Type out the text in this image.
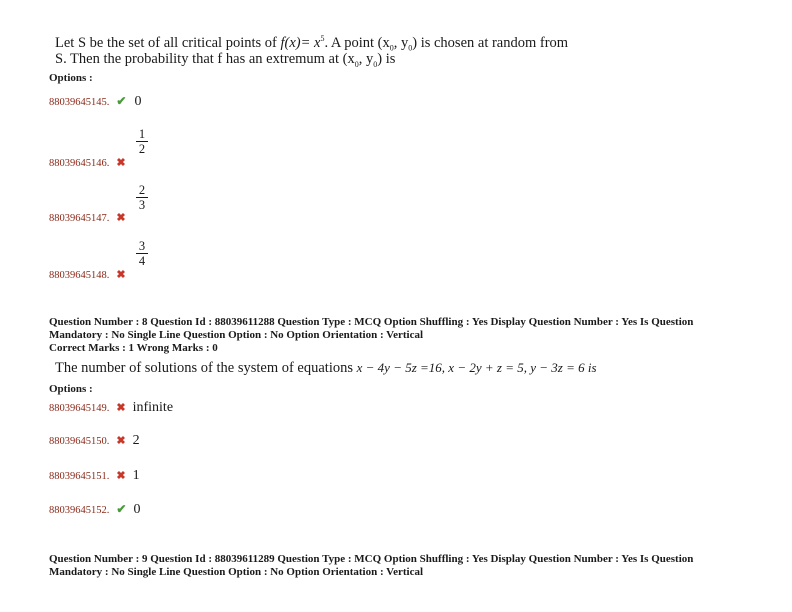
Let S be the set of all critical points of $f(x)= x^5$. A point ($x_0$, $y_0$) is chosen at random from
S. Then the probability that f has an extremum at ($x_0$, $y_0$) is
Options :
88039645145. ✔ 0
1
2
88039645146. ✖
2
3
88039645147. ✖
3
4
88039645148. ✖
Question Number : 8 Question Id : 88039611288 Question Type : MCQ Option Shuffling : Yes Display Question Number : Yes Is Question
Mandatory : No Single Line Question Option : No Option Orientation : Vertical
Correct Marks : 1 Wrong Marks : 0
The number of solutions of the system of equations x − 4y − 5z =16, x − 2y + z = 5, y − 3z = 6 is
Options :
88039645149. ✖ infinite
88039645150. ✖ 2
88039645151. ✖ 1
88039645152. ✔ 0
Question Number : 9 Question Id : 88039611289 Question Type : MCQ Option Shuffling : Yes Display Question Number : Yes Is Question
Mandatory : No Single Line Question Option : No Option Orientation : Vertical
